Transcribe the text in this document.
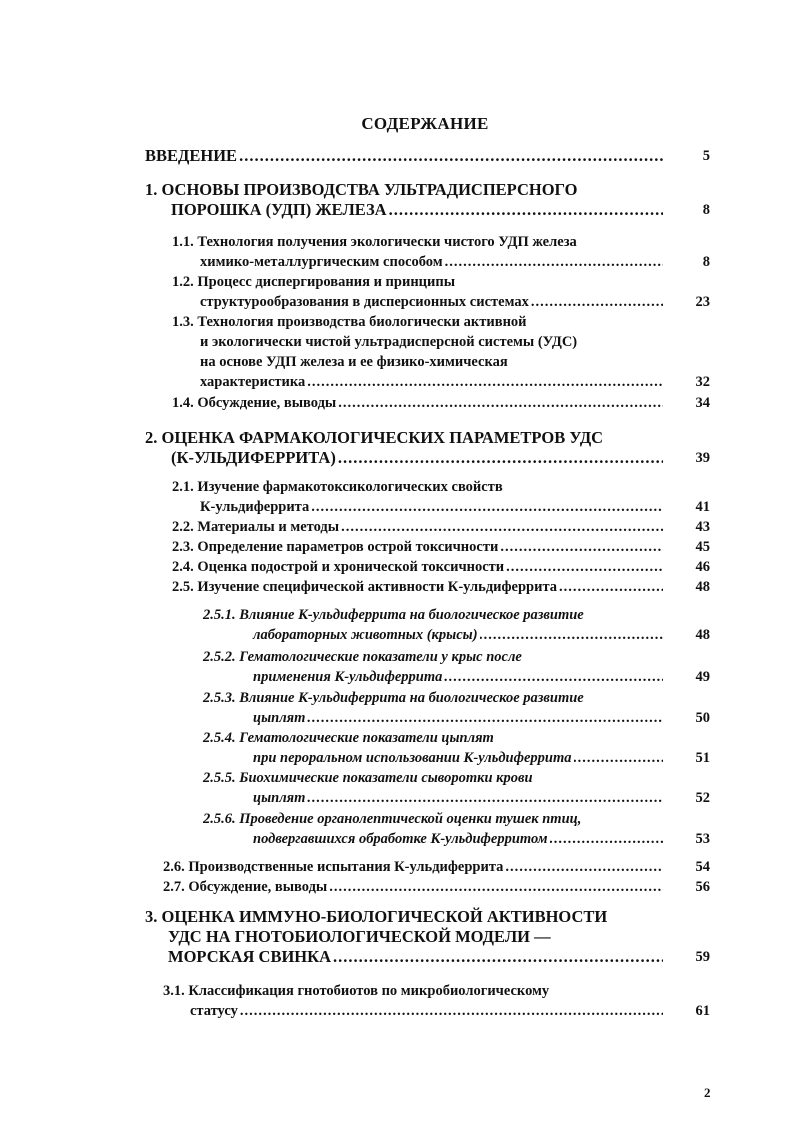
СОДЕРЖАНИЕ
ВВЕДЕНИЕ .....	5
1. ОСНОВЫ ПРОИЗВОДСТВА УЛЬТРАДИСПЕРСНОГО
ПОРОШКА (УДП) ЖЕЛЕЗА .....	8
1.1. Технология получения экологически чистого УДП железа
химико-металлургическим способом .....	8
1.2. Процесс диспергирования и принципы
структурообразования в дисперсионных системах .....	23
1.3. Технология производства биологически активной
и экологически чистой ультрадисперсной системы (УДС)
на основе УДП железа и ее физико-химическая
характеристика .....	32
1.4. Обсуждение, выводы .....	34
2. ОЦЕНКА ФАРМАКОЛОГИЧЕСКИХ ПАРАМЕТРОВ УДС
(К-УЛЬДИФЕРРИТА) .....	39
2.1. Изучение фармакотоксикологических свойств
К-ульдиферрита .....	41
2.2. Материалы и методы .....	43
2.3. Определение параметров острой токсичности .....	45
2.4. Оценка подострой и хронической токсичности .....	46
2.5. Изучение специфической активности К-ульдиферрита .....	48
2.5.1. Влияние К-ульдиферрита на биологическое развитие
лабораторных животных (крысы) .....	48
2.5.2. Гематологические показатели у крыс после
применения К-ульдиферрита .....	49
2.5.3. Влияние К-ульдиферрита на биологическое развитие
цыплят .....	50
2.5.4. Гематологические показатели цыплят
при пероральном использовании К-ульдиферрита .....	51
2.5.5. Биохимические показатели сыворотки крови
цыплят .....	52
2.5.6. Проведение органолептической оценки тушек птиц,
подвергавшихся обработке К-ульдиферритом .....	53
2.6. Производственные испытания К-ульдиферрита .....	54
2.7. Обсуждение, выводы .....	56
3. ОЦЕНКА ИММУНО-БИОЛОГИЧЕСКОЙ АКТИВНОСТИ
УДС НА ГНОТОБИОЛОГИЧЕСКОЙ МОДЕЛИ —
МОРСКАЯ СВИНКА .....	59
3.1. Классификация гнотобиотов по микробиологическому
статусу .....	61
2
